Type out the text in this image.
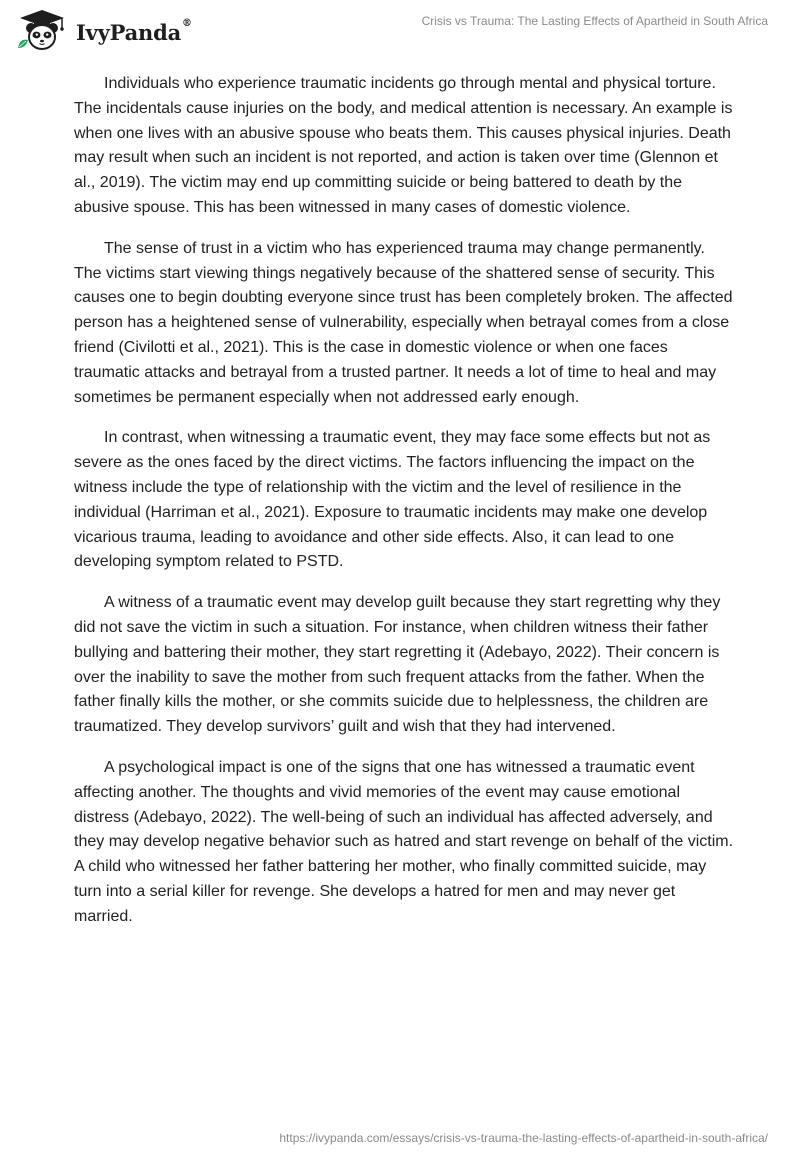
IvyPanda®	Crisis vs Trauma: The Lasting Effects of Apartheid in South Africa

Individuals who experience traumatic incidents go through mental and physical torture. The incidentals cause injuries on the body, and medical attention is necessary. An example is when one lives with an abusive spouse who beats them. This causes physical injuries. Death may result when such an incident is not reported, and action is taken over time (Glennon et al., 2019). The victim may end up committing suicide or being battered to death by the abusive spouse. This has been witnessed in many cases of domestic violence.

The sense of trust in a victim who has experienced trauma may change permanently. The victims start viewing things negatively because of the shattered sense of security. This causes one to begin doubting everyone since trust has been completely broken. The affected person has a heightened sense of vulnerability, especially when betrayal comes from a close friend (Civilotti et al., 2021). This is the case in domestic violence or when one faces traumatic attacks and betrayal from a trusted partner. It needs a lot of time to heal and may sometimes be permanent especially when not addressed early enough.

In contrast, when witnessing a traumatic event, they may face some effects but not as severe as the ones faced by the direct victims. The factors influencing the impact on the witness include the type of relationship with the victim and the level of resilience in the individual (Harriman et al., 2021). Exposure to traumatic incidents may make one develop vicarious trauma, leading to avoidance and other side effects. Also, it can lead to one developing symptom related to PSTD.

A witness of a traumatic event may develop guilt because they start regretting why they did not save the victim in such a situation. For instance, when children witness their father bullying and battering their mother, they start regretting it (Adebayo, 2022). Their concern is over the inability to save the mother from such frequent attacks from the father. When the father finally kills the mother, or she commits suicide due to helplessness, the children are traumatized. They develop survivors’ guilt and wish that they had intervened.

A psychological impact is one of the signs that one has witnessed a traumatic event affecting another. The thoughts and vivid memories of the event may cause emotional distress (Adebayo, 2022). The well-being of such an individual has affected adversely, and they may develop negative behavior such as hatred and start revenge on behalf of the victim. A child who witnessed her father battering her mother, who finally committed suicide, may turn into a serial killer for revenge. She develops a hatred for men and may never get married.

https://ivypanda.com/essays/crisis-vs-trauma-the-lasting-effects-of-apartheid-in-south-africa/
